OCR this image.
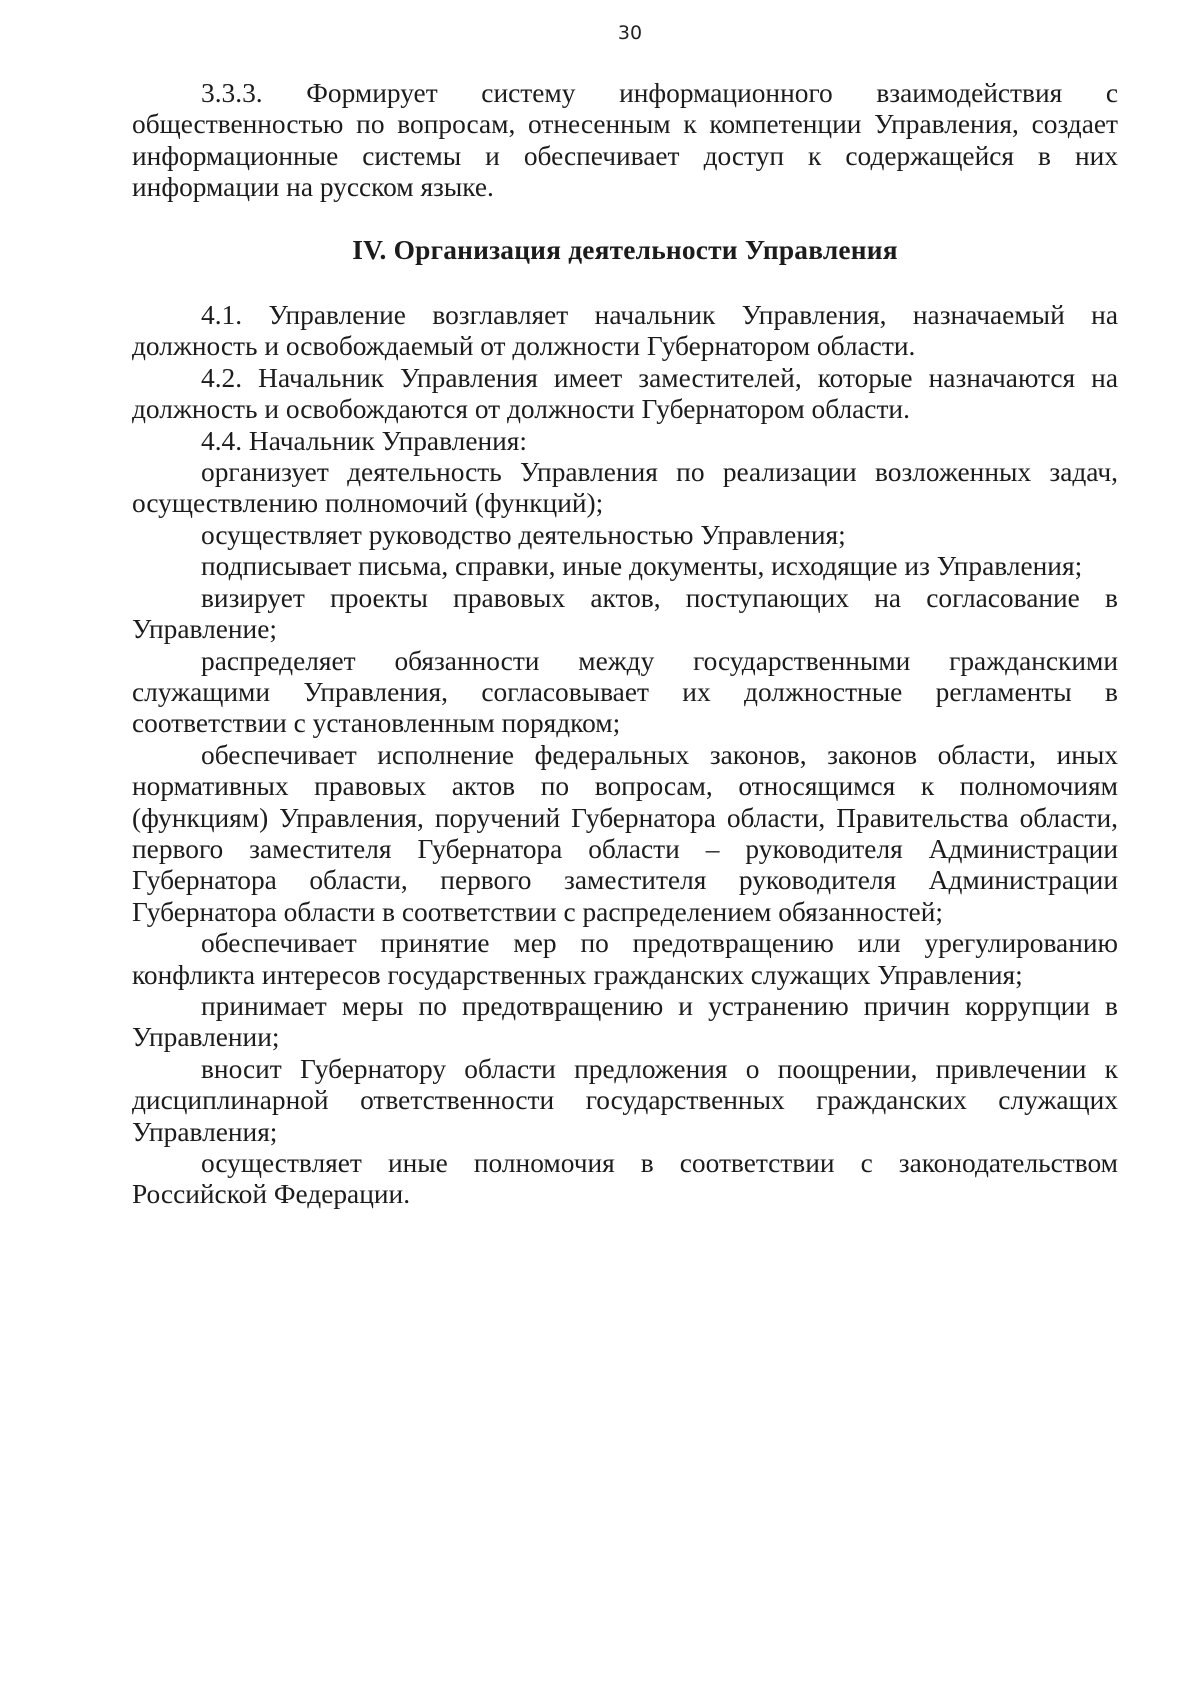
30

3.3.3. Формирует систему информационного взаимодействия с общественностью по вопросам, отнесенным к компетенции Управления, создает информационные системы и обеспечивает доступ к содержащейся в них информации на русском языке.

IV. Организация деятельности Управления

4.1. Управление возглавляет начальник Управления, назначаемый на должность и освобождаемый от должности Губернатором области.

4.2. Начальник Управления имеет заместителей, которые назначаются на должность и освобождаются от должности Губернатором области.

4.4. Начальник Управления:

организует деятельность Управления по реализации возложенных задач, осуществлению полномочий (функций);

осуществляет руководство деятельностью Управления;

подписывает письма, справки, иные документы, исходящие из Управления;

визирует проекты правовых актов, поступающих на согласование в Управление;

распределяет обязанности между государственными гражданскими служащими Управления, согласовывает их должностные регламенты в соответствии с установленным порядком;

обеспечивает исполнение федеральных законов, законов области, иных нормативных правовых актов по вопросам, относящимся к полномочиям (функциям) Управления, поручений Губернатора области, Правительства области, первого заместителя Губернатора области – руководителя Администрации Губернатора области, первого заместителя руководителя Администрации Губернатора области в соответствии с распределением обязанностей;

обеспечивает принятие мер по предотвращению или урегулированию конфликта интересов государственных гражданских служащих Управления;

принимает меры по предотвращению и устранению причин коррупции в Управлении;

вносит Губернатору области предложения о поощрении, привлечении к дисциплинарной ответственности государственных гражданских служащих Управления;

осуществляет иные полномочия в соответствии с законодательством Российской Федерации.
